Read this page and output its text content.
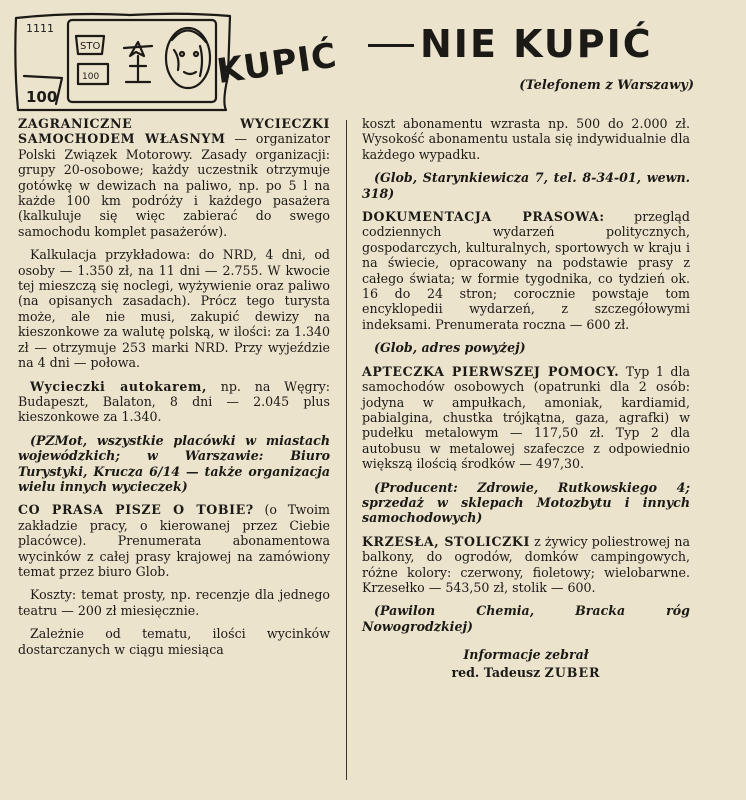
STO
100
1111
100
KUPIĆ NIE KUPIĆ
(Telefonem z Warszawy)

ZAGRANICZNE WYCIECZKI SAMOCHODEM WŁASNYM — organizator Polski Związek Motorowy. Zasady organizacji: grupy 20-osobowe; każdy uczestnik otrzymuje gotówkę w dewizach na paliwo, np. po 5 l na każde 100 km podróży i każdego pasażera (kalkuluje się więc zabierać do swego samochodu komplet pasażerów).

Kalkulacja przykładowa: do NRD, 4 dni, od osoby — 1.350 zł, na 11 dni — 2.755. W kwocie tej mieszczą się noclegi, wyżywienie oraz paliwo (na opisanych zasadach). Prócz tego turysta może, ale nie musi, zakupić dewizy na kieszonkowe za walutę polską, w ilości: za 1.340 zł — otrzymuje 253 marki NRD. Przy wyjeździe na 4 dni — połowa.

Wycieczki autokarem, np. na Węgry: Budapeszt, Balaton, 8 dni — 2.045 plus kieszonkowe za 1.340.

(PZMot, wszystkie placówki w miastach wojewódzkich; w Warszawie: Biuro Turystyki, Krucza 6/14 — także organizacja wielu innych wycieczek)

CO PRASA PISZE O TOBIE? (o Twoim zakładzie pracy, o kierowanej przez Ciebie placówce). Prenumerata abonamentowa wycinków z całej prasy krajowej na zamówiony temat przez biuro Glob.

Koszty: temat prosty, np. recenzje dla jednego teatru — 200 zł miesięcznie.

Zależnie od tematu, ilości wycinków dostarczanych w ciągu miesiąca

koszt abonamentu wzrasta np. 500 do 2.000 zł. Wysokość abonamentu ustala się indywidualnie dla każdego wypadku.

(Glob, Starynkiewicza 7, tel. 8-34-01, wewn. 318)

DOKUMENTACJA PRASOWA: przegląd codziennych wydarzeń politycznych, gospodarczych, kulturalnych, sportowych w kraju i na świecie, opracowany na podstawie prasy z całego świata; w formie tygodnika, co tydzień ok. 16 do 24 stron; corocznie powstaje tom encyklopedii wydarzeń, z szczegółowymi indeksami. Prenumerata roczna — 600 zł.

(Glob, adres powyżej)

APTECZKA PIERWSZEJ POMOCY. Typ 1 dla samochodów osobowych (opatrunki dla 2 osób: jodyna w ampułkach, amoniak, kardiamid, pabialgina, chustka trójkątna, gaza, agrafki) w pudełku metalowym — 117,50 zł. Typ 2 dla autobusu w metalowej szafeczce z odpowiednio większą ilością środków — 497,30.

(Producent: Zdrowie, Rutkowskiego 4; sprzedaż w sklepach Motozbytu i innych samochodowych)

KRZESŁA, STOLICZKI z żywicy poliestrowej na balkony, do ogrodów, domków campingowych, różne kolory: czerwony, fioletowy; wielobarwne. Krzesełko — 543,50 zł, stolik — 600.

(Pawilon Chemia, Bracka róg Nowogrodzkiej)

Informacje zebrał
red. Tadeusz ZUBER
